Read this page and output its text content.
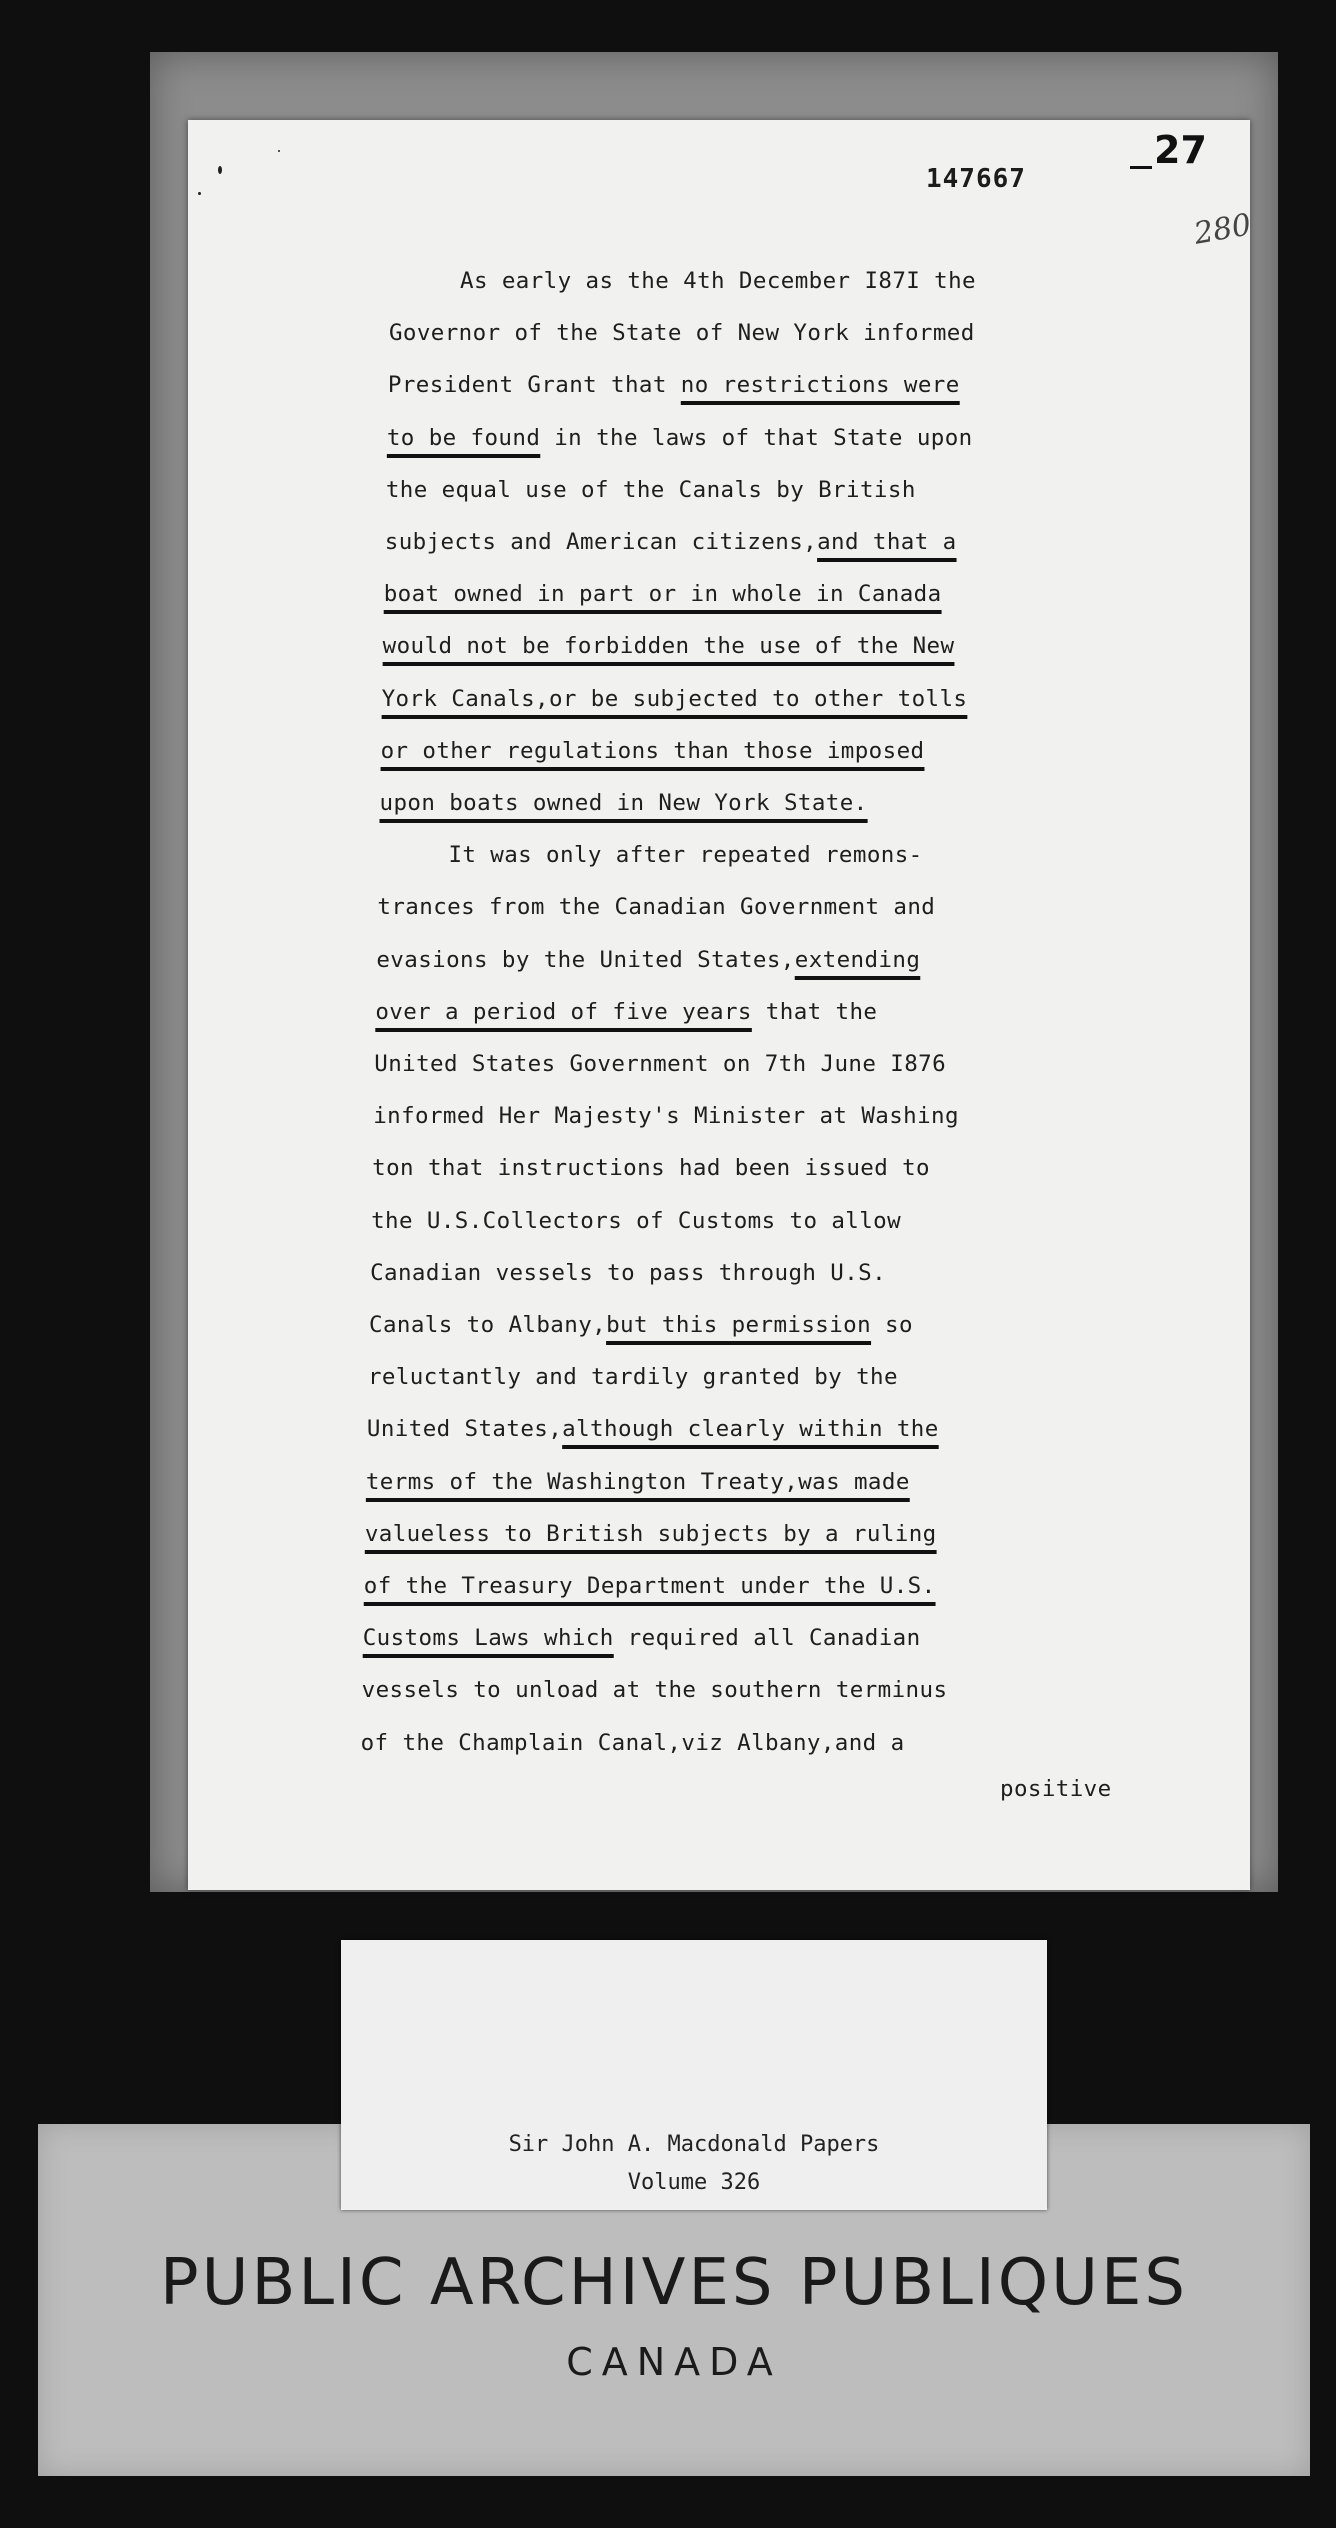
147667
27
280
As early as the 4th December I87I the
Governor of the State of New York informed
President Grant that no restrictions were
to be found in the laws of that State upon
the equal use of the Canals by British
subjects and American citizens,and that a
boat owned in part or in whole in Canada
would not be forbidden the use of the New
York Canals,or be subjected to other tolls
or other regulations than those imposed
upon boats owned in New York State.
It was only after repeated remons-
trances from the Canadian Government and
evasions by the United States,extending
over a period of five years that the
United States Government on 7th June I876
informed Her Majesty's Minister at Washing
ton that instructions had been issued to
the U.S.Collectors of Customs to allow
Canadian vessels to pass through U.S.
Canals to Albany,but this permission so
reluctantly and tardily granted by the
United States,although clearly within the
terms of the Washington Treaty,was made
valueless to British subjects by a ruling
of the Treasury Department under the U.S.
Customs Laws which required all Canadian
vessels to unload at the southern terminus
of the Champlain Canal,viz Albany,and a
positive
Sir John A. Macdonald Papers
Volume 326
PUBLIC ARCHIVES PUBLIQUES
CANADA
